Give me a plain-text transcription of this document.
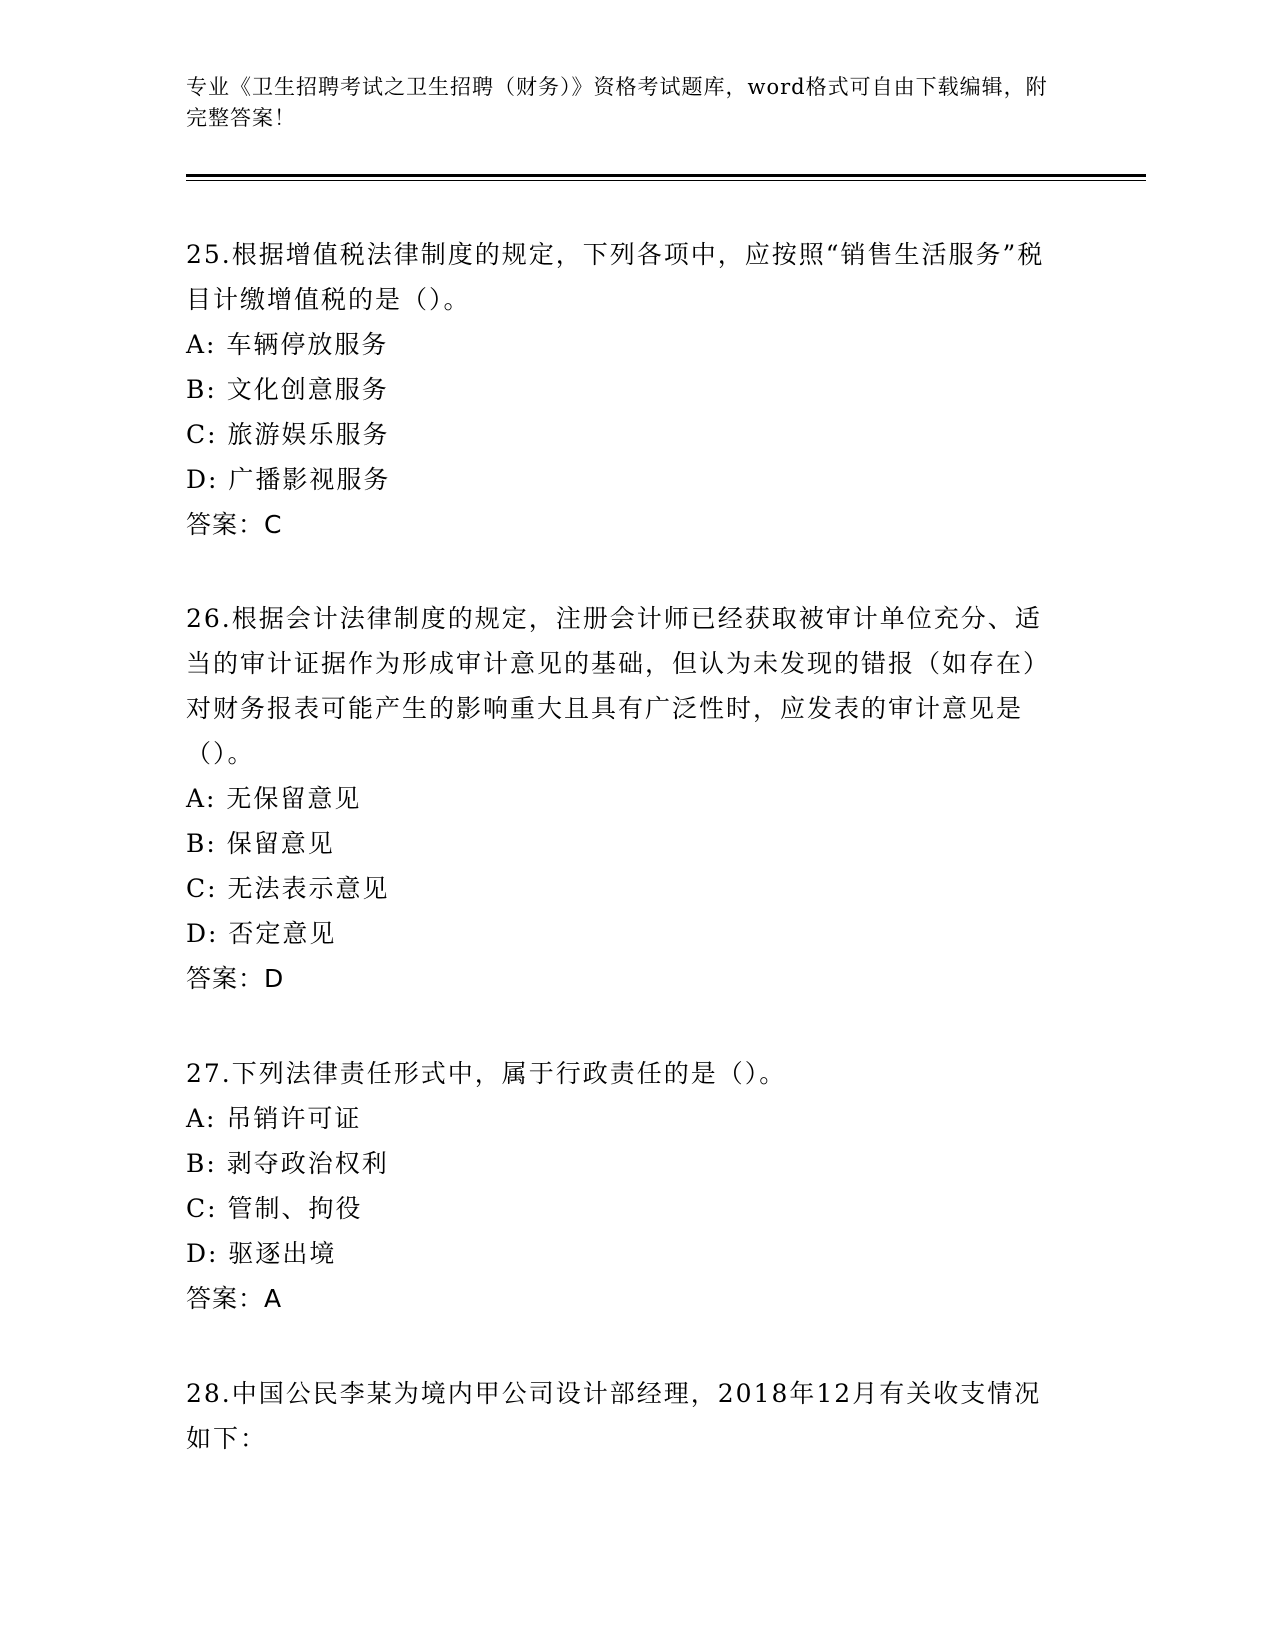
专业《卫生招聘考试之卫生招聘（财务）》资格考试题库，word格式可自由下载编辑，附完整答案！
25.根据增值税法律制度的规定，下列各项中，应按照“销售生活服务”税目计缴增值税的是（）。
A: 车辆停放服务
B: 文化创意服务
C: 旅游娱乐服务
D: 广播影视服务
答案：C
26.根据会计法律制度的规定，注册会计师已经获取被审计单位充分、适当的审计证据作为形成审计意见的基础，但认为未发现的错报（如存在）对财务报表可能产生的影响重大且具有广泛性时，应发表的审计意见是（）。
A: 无保留意见
B: 保留意见
C: 无法表示意见
D: 否定意见
答案：D
27.下列法律责任形式中，属于行政责任的是（）。
A: 吊销许可证
B: 剥夺政治权利
C: 管制、拘役
D: 驱逐出境
答案：A
28.中国公民李某为境内甲公司设计部经理，2018年12月有关收支情况如下：
